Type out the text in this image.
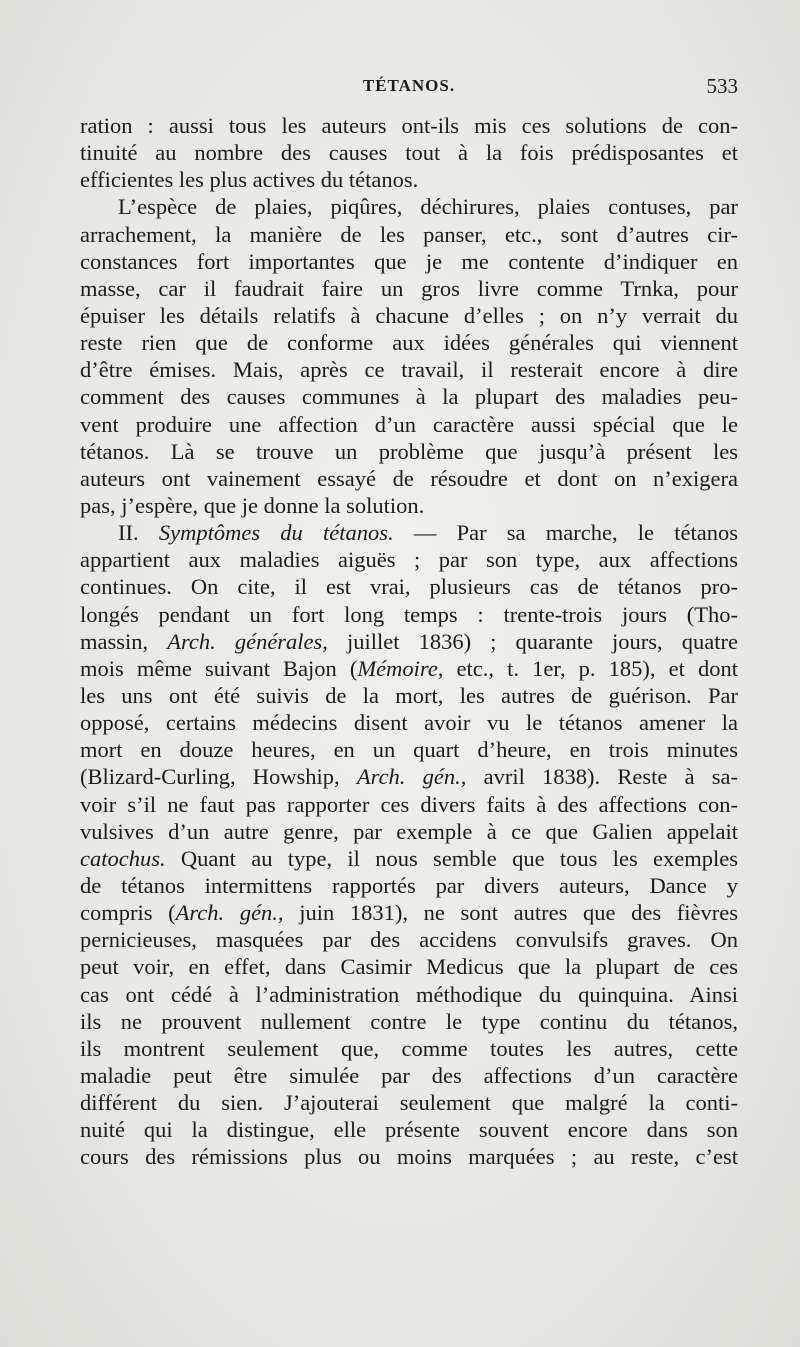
TÉTANOS.	533
ration : aussi tous les auteurs ont-ils mis ces solutions de con-
tinuité au nombre des causes tout à la fois prédisposantes et
efficientes les plus actives du tétanos.
L’espèce de plaies, piqûres, déchirures, plaies contuses, par
arrachement, la manière de les panser, etc., sont d’autres cir-
constances fort importantes que je me contente d’indiquer en
masse, car il faudrait faire un gros livre comme Trnka, pour
épuiser les détails relatifs à chacune d’elles ; on n’y verrait du
reste rien que de conforme aux idées générales qui viennent
d’être émises. Mais, après ce travail, il resterait encore à dire
comment des causes communes à la plupart des maladies peu-
vent produire une affection d’un caractère aussi spécial que le
tétanos. Là se trouve un problème que jusqu’à présent les
auteurs ont vainement essayé de résoudre et dont on n’exigera
pas, j’espère, que je donne la solution.
II. Symptômes du tétanos. — Par sa marche, le tétanos
appartient aux maladies aiguës ; par son type, aux affections
continues. On cite, il est vrai, plusieurs cas de tétanos pro-
longés pendant un fort long temps : trente-trois jours (Tho-
massin, Arch. générales, juillet 1836) ; quarante jours, quatre
mois même suivant Bajon (Mémoire, etc., t. 1er, p. 185), et dont
les uns ont été suivis de la mort, les autres de guérison. Par
opposé, certains médecins disent avoir vu le tétanos amener la
mort en douze heures, en un quart d’heure, en trois minutes
(Blizard-Curling, Howship, Arch. gén., avril 1838). Reste à sa-
voir s’il ne faut pas rapporter ces divers faits à des affections con-
vulsives d’un autre genre, par exemple à ce que Galien appelait
catochus. Quant au type, il nous semble que tous les exemples
de tétanos intermittens rapportés par divers auteurs, Dance y
compris (Arch. gén., juin 1831), ne sont autres que des fièvres
pernicieuses, masquées par des accidens convulsifs graves. On
peut voir, en effet, dans Casimir Medicus que la plupart de ces
cas ont cédé à l’administration méthodique du quinquina. Ainsi
ils ne prouvent nullement contre le type continu du tétanos,
ils montrent seulement que, comme toutes les autres, cette
maladie peut être simulée par des affections d’un caractère
différent du sien. J’ajouterai seulement que malgré la conti-
nuité qui la distingue, elle présente souvent encore dans son
cours des rémissions plus ou moins marquées ; au reste, c’est
